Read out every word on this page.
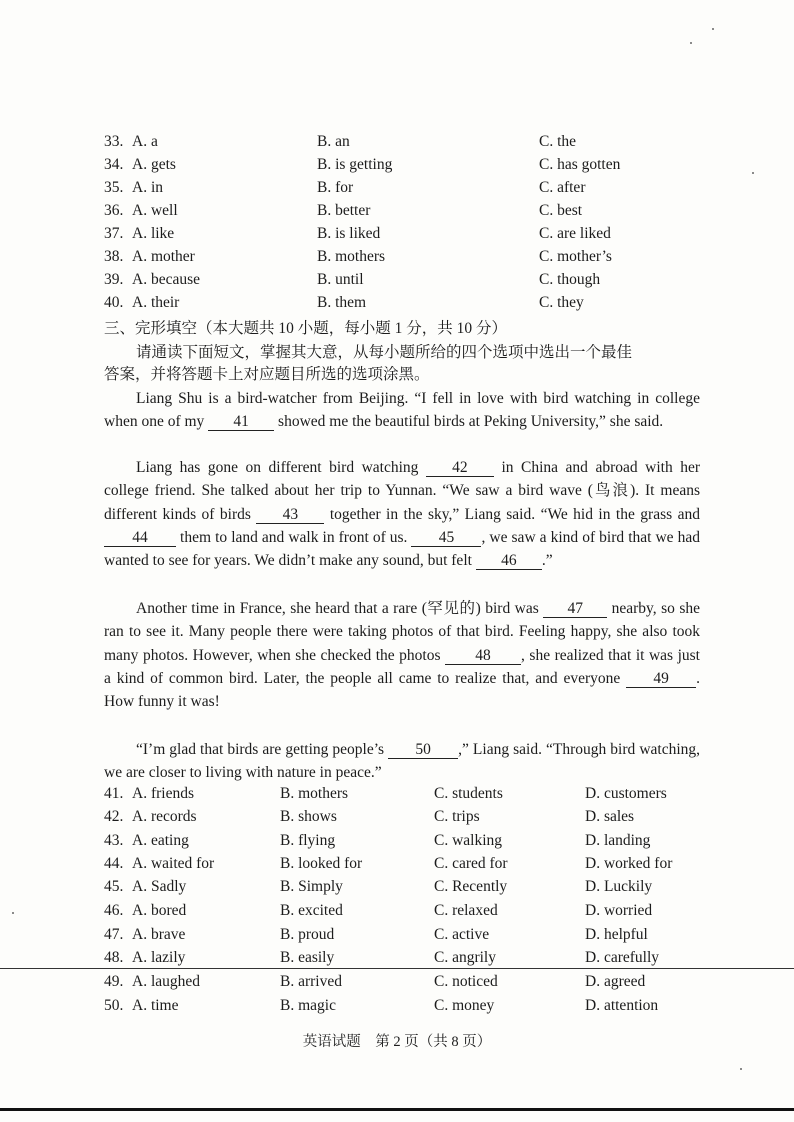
33. A. a	B. an	C. the
34. A. gets	B. is getting	C. has gotten
35. A. in	B. for	C. after
36. A. well	B. better	C. best
37. A. like	B. is liked	C. are liked
38. A. mother	B. mothers	C. mother’s
39. A. because	B. until	C. though
40. A. their	B. them	C. they
三、完形填空（本大题共 10 小题，每小题 1 分，共 10 分）
请通读下面短文，掌握其大意，从每小题所给的四个选项中选出一个最佳
答案，并将答题卡上对应题目所选的选项涂黑。

Liang Shu is a bird-watcher from Beijing. “I fell in love with bird watching in college when one of my 41 showed me the beautiful birds at Peking University,” she said.

Liang has gone on different bird watching 42 in China and abroad with her college friend. She talked about her trip to Yunnan. “We saw a bird wave (鸟浪). It means different kinds of birds 43 together in the sky,” Liang said. “We hid in the grass and 44 them to land and walk in front of us. 45 , we saw a kind of bird that we had wanted to see for years. We didn’t make any sound, but felt 46 .”

Another time in France, she heard that a rare (罕见的) bird was 47 nearby, so she ran to see it. Many people there were taking photos of that bird. Feeling happy, she also took many photos. However, when she checked the photos 48 , she realized that it was just a kind of common bird. Later, the people all came to realize that, and everyone 49 . How funny it was!

“I’m glad that birds are getting people’s 50 ,” Liang said. “Through bird watching, we are closer to living with nature in peace.”

41. A. friends	B. mothers	C. students	D. customers
42. A. records	B. shows	C. trips	D. sales
43. A. eating	B. flying	C. walking	D. landing
44. A. waited for	B. looked for	C. cared for	D. worked for
45. A. Sadly	B. Simply	C. Recently	D. Luckily
46. A. bored	B. excited	C. relaxed	D. worried
47. A. brave	B. proud	C. active	D. helpful
48. A. lazily	B. easily	C. angrily	D. carefully
49. A. laughed	B. arrived	C. noticed	D. agreed
50. A. time	B. magic	C. money	D. attention
英语试题　第 2 页（共 8 页）
